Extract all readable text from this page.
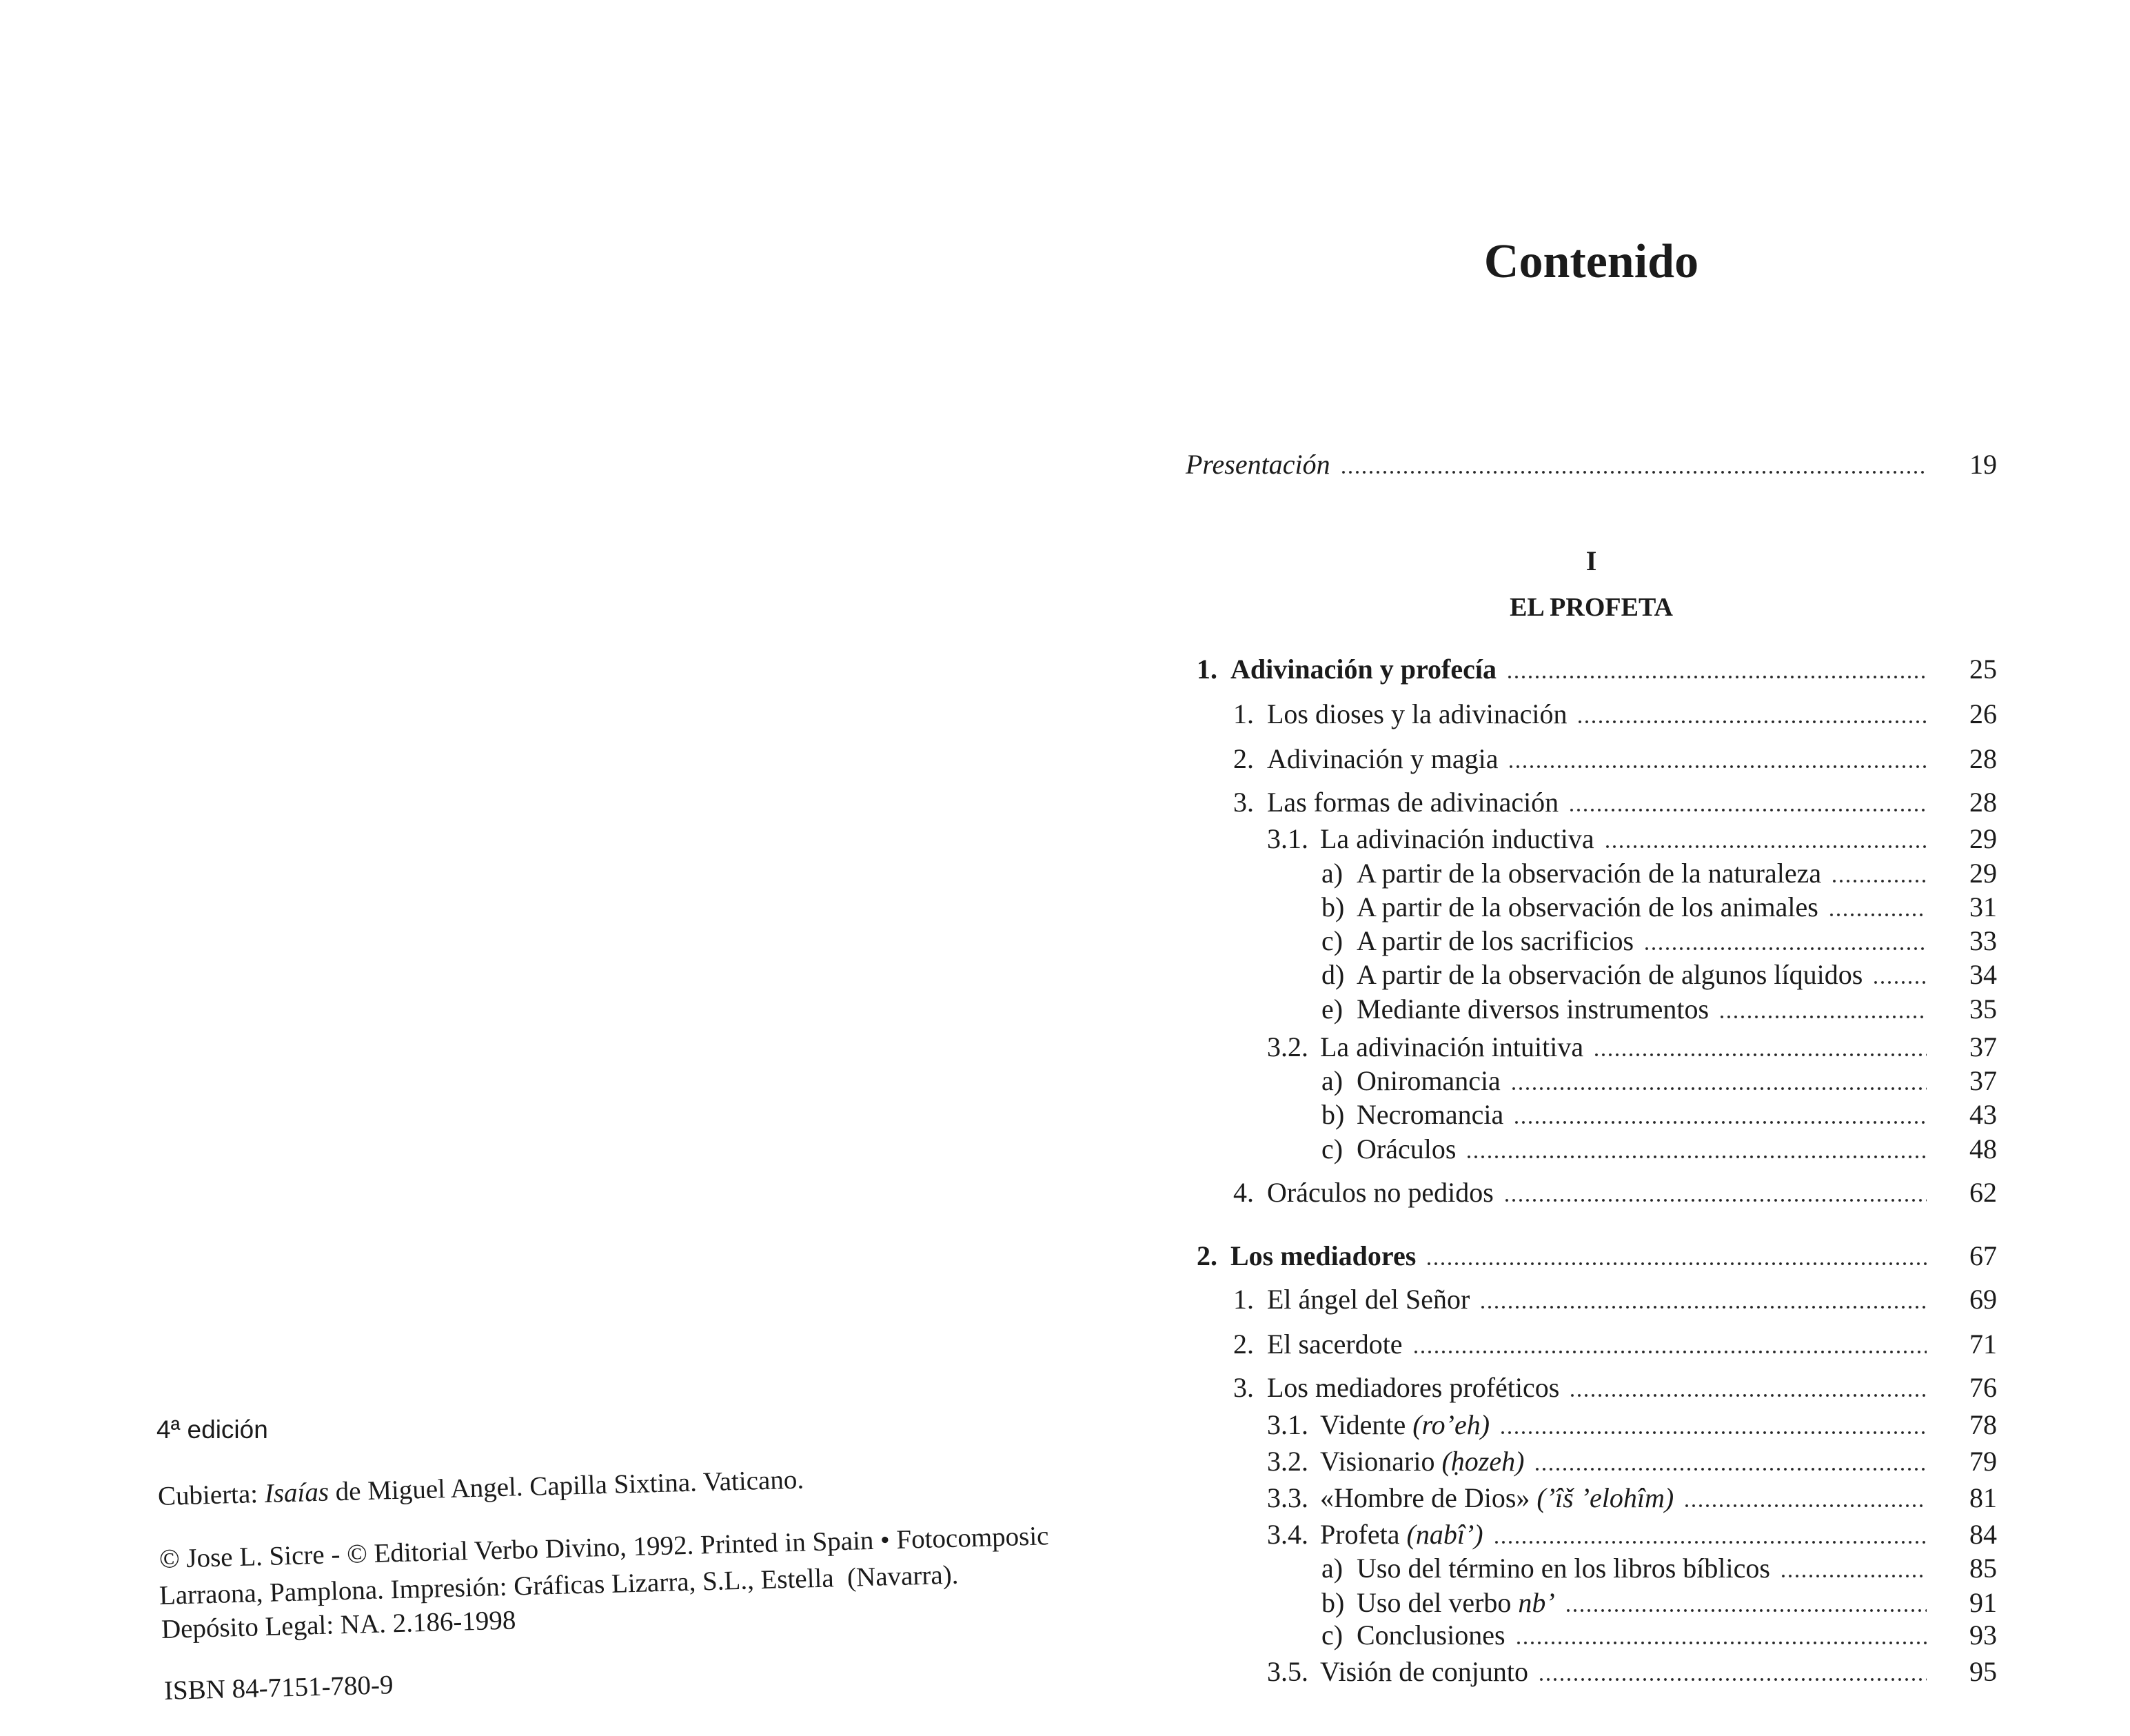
4ª edición
Cubierta: Isaías de Miguel Angel. Capilla Sixtina. Vaticano.
© Jose L. Sicre - © Editorial Verbo Divino, 1992. Printed in Spain • Fotocomposic
Larraona, Pamplona. Impresión: Gráficas Lizarra, S.L., Estella  (Navarra).
Depósito Legal: NA. 2.186-1998
ISBN 84-7151-780-9
Contenido
Presentación	19
I
EL PROFETA
1. Adivinación y profecía	25
1. Los dioses y la adivinación	26
2. Adivinación y magia	28
3. Las formas de adivinación	28
3.1. La adivinación inductiva	29
a) A partir de la observación de la naturaleza	29
b) A partir de la observación de los animales	31
c) A partir de los sacrificios	33
d) A partir de la observación de algunos líquidos	34
e) Mediante diversos instrumentos	35
3.2. La adivinación intuitiva	37
a) Oniromancia	37
b) Necromancia	43
c) Oráculos	48
4. Oráculos no pedidos	62
2. Los mediadores	67
1. El ángel del Señor	69
2. El sacerdote	71
3. Los mediadores proféticos	76
3.1. Vidente (ro’eh)	78
3.2. Visionario (ḥozeh)	79
3.3. «Hombre de Dios» (’îš ’elohîm)	81
3.4. Profeta (nabî’)	84
a) Uso del término en los libros bíblicos	85
b) Uso del verbo nb’	91
c) Conclusiones	93
3.5. Visión de conjunto	95
